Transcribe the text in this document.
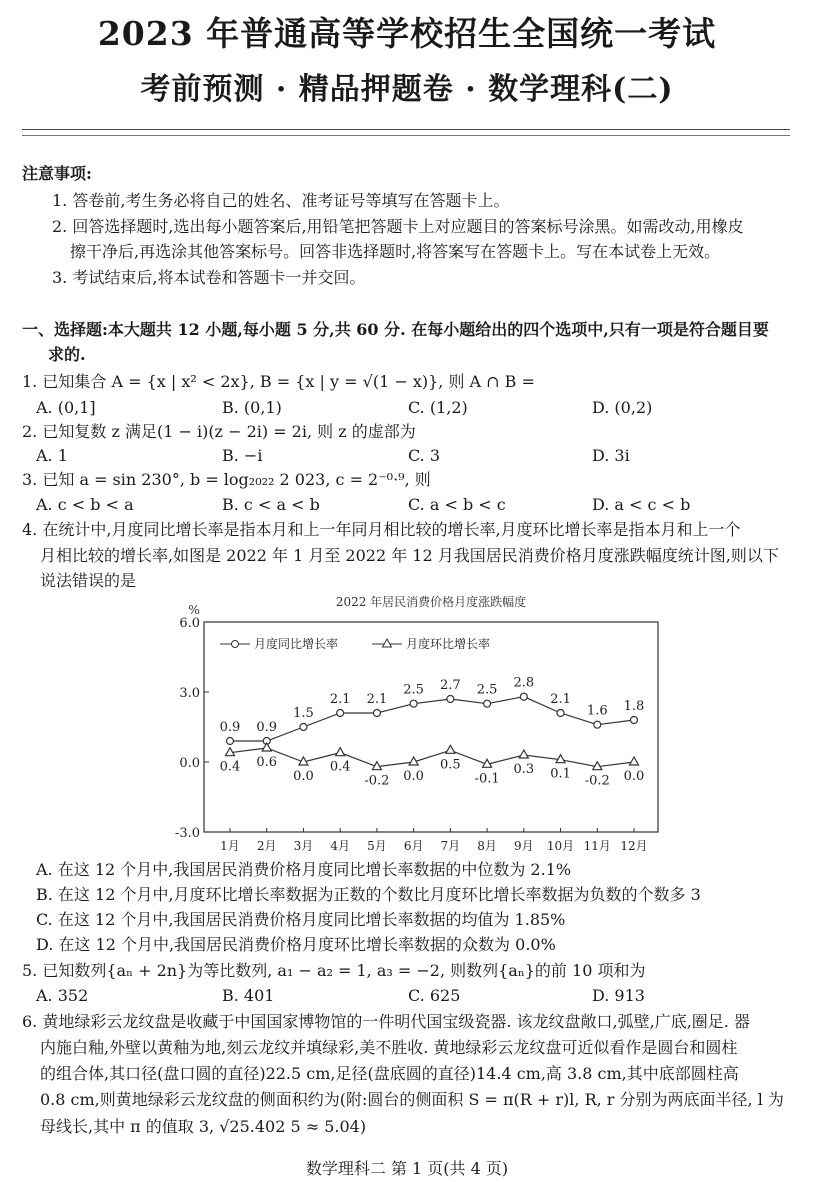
2023 年普通高等学校招生全国统一考试
考前预测 · 精品押题卷 · 数学理科(二)
注意事项:
1. 答卷前,考生务必将自己的姓名、准考证号等填写在答题卡上。
2. 回答选择题时,选出每小题答案后,用铅笔把答题卡上对应题目的答案标号涂黑。如需改动,用橡皮
擦干净后,再选涂其他答案标号。回答非选择题时,将答案写在答题卡上。写在本试卷上无效。
3. 考试结束后,将本试卷和答题卡一并交回。
一、选择题:本大题共 12 小题,每小题 5 分,共 60 分. 在每小题给出的四个选项中,只有一项是符合题目要
求的.
1. 已知集合 A = {x | x² < 2x}, B = {x | y = √(1 − x)}, 则 A ∩ B =
A. (0,1]	B. (0,1)	C. (1,2)	D. (0,2)
2. 已知复数 z 满足(1 − i)(z − 2i) = 2i, 则 z 的虚部为
A. 1	B. −i	C. 3	D. 3i
3. 已知 a = sin 230°, b = log₂₀₂₂ 2 023, c = 2⁻⁰·⁹, 则
A. c < b < a	B. c < a < b	C. a < b < c	D. a < c < b
4. 在统计中,月度同比增长率是指本月和上一年同月相比较的增长率,月度环比增长率是指本月和上一个
月相比较的增长率,如图是 2022 年 1 月至 2022 年 12 月我国居民消费价格月度涨跌幅度统计图,则以下
说法错误的是
2022 年居民消费价格月度涨跌幅度
%
6.0
3.0
0.0
-3.0
1月 2月 3月 4月 5月 6月 7月 8月 9月 10月 11月 12月
0.9 0.9
1.5
2.1 2.1
2.5 2.7 2.5 2.8
2.1
1.6 1.8
0.4 0.6
0.0
0.4
-0.2 0.0
0.5
-0.1
0.3 0.1 -0.2 0.0
月度同比增长率	月度环比增长率
A. 在这 12 个月中,我国居民消费价格月度同比增长率数据的中位数为 2.1%
B. 在这 12 个月中,月度环比增长率数据为正数的个数比月度环比增长率数据为负数的个数多 3
C. 在这 12 个月中,我国居民消费价格月度同比增长率数据的均值为 1.85%
D. 在这 12 个月中,我国居民消费价格月度环比增长率数据的众数为 0.0%
5. 已知数列{aₙ + 2n}为等比数列, a₁ − a₂ = 1, a₃ = −2, 则数列{aₙ}的前 10 项和为
A. 352	B. 401	C. 625	D. 913
6. 黄地绿彩云龙纹盘是收藏于中国国家博物馆的一件明代国宝级瓷器. 该龙纹盘敞口,弧壁,广底,圈足. 器
内施白釉,外壁以黄釉为地,刻云龙纹并填绿彩,美不胜收. 黄地绿彩云龙纹盘可近似看作是圆台和圆柱
的组合体,其口径(盘口圆的直径)22.5 cm,足径(盘底圆的直径)14.4 cm,高 3.8 cm,其中底部圆柱高
0.8 cm,则黄地绿彩云龙纹盘的侧面积约为(附:圆台的侧面积 S = π(R + r)l, R, r 分别为两底面半径, l 为
母线长,其中 π 的值取 3, √25.402 5 ≈ 5.04)
数学理科二 第 1 页(共 4 页)
